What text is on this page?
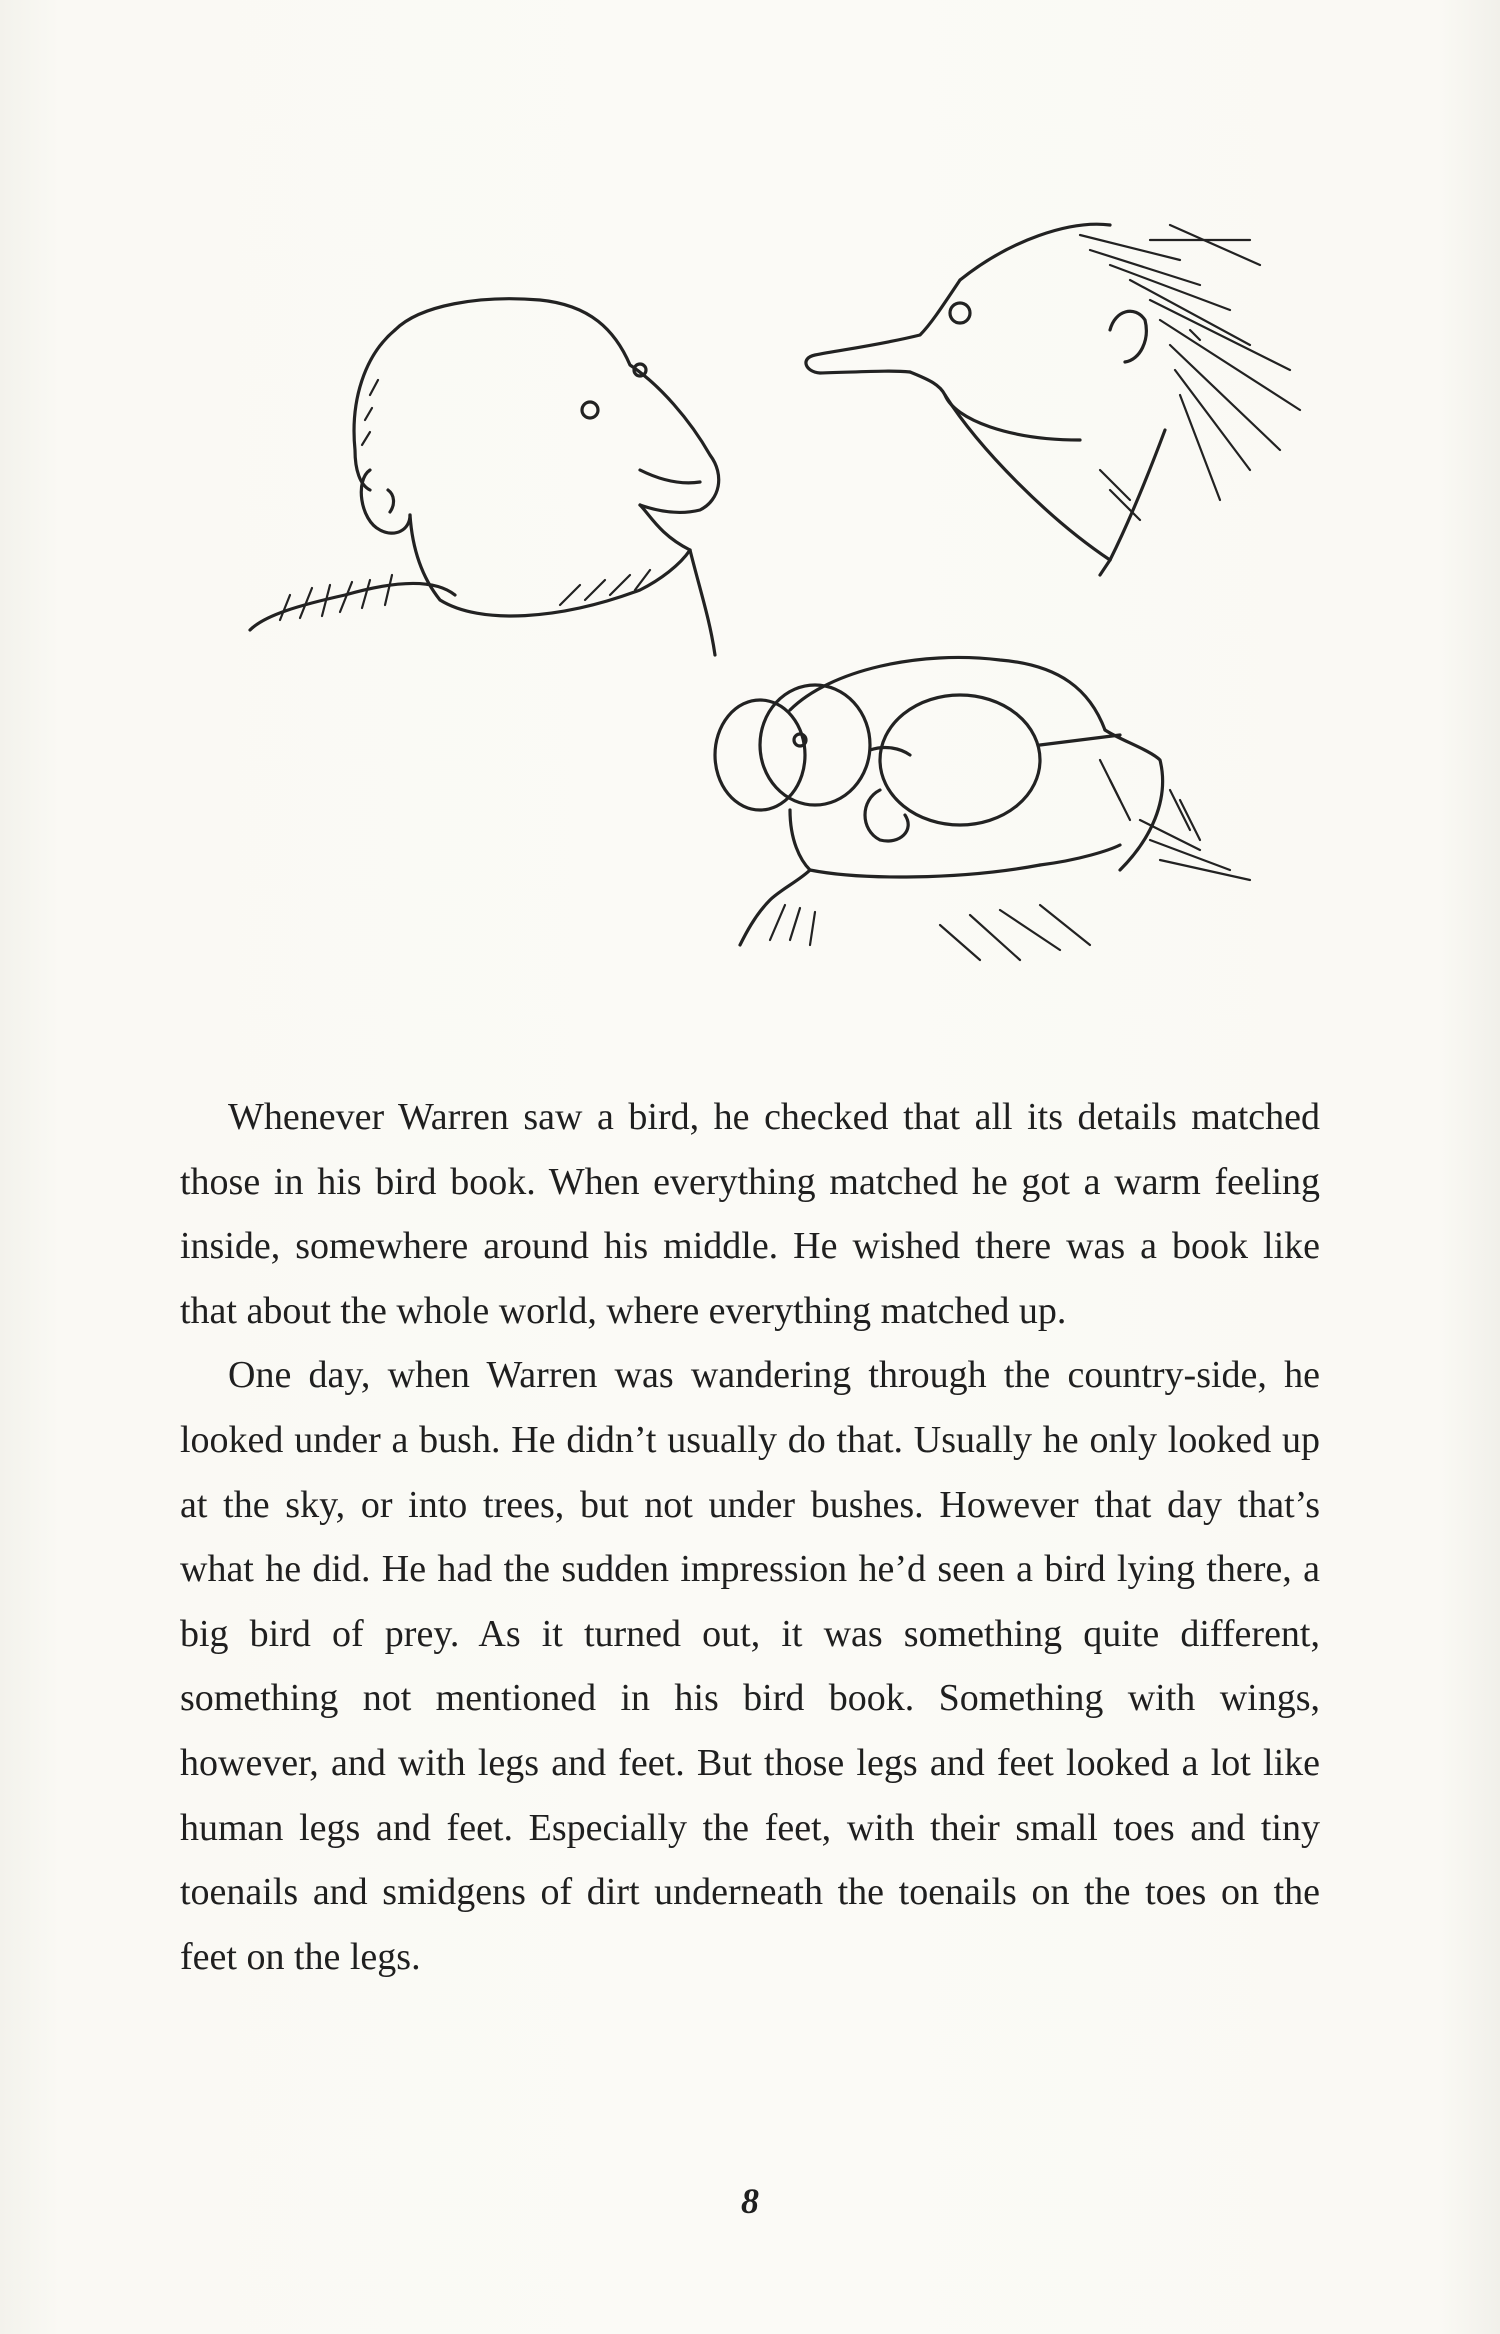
Whenever Warren saw a bird, he checked that all its details matched those in his bird book. When everything matched he got a warm feeling inside, somewhere around his middle. He wished there was a book like that about the whole world, where everything matched up.

One day, when Warren was wandering through the country-side, he looked under a bush. He didn’t usually do that. Usually he only looked up at the sky, or into trees, but not under bushes. However that day that’s what he did. He had the sudden impression he’d seen a bird lying there, a big bird of prey. As it turned out, it was something quite different, something not mentioned in his bird book. Something with wings, however, and with legs and feet. But those legs and feet looked a lot like human legs and feet. Especially the feet, with their small toes and tiny toenails and smidgens of dirt underneath the toenails on the toes on the feet on the legs.

8
